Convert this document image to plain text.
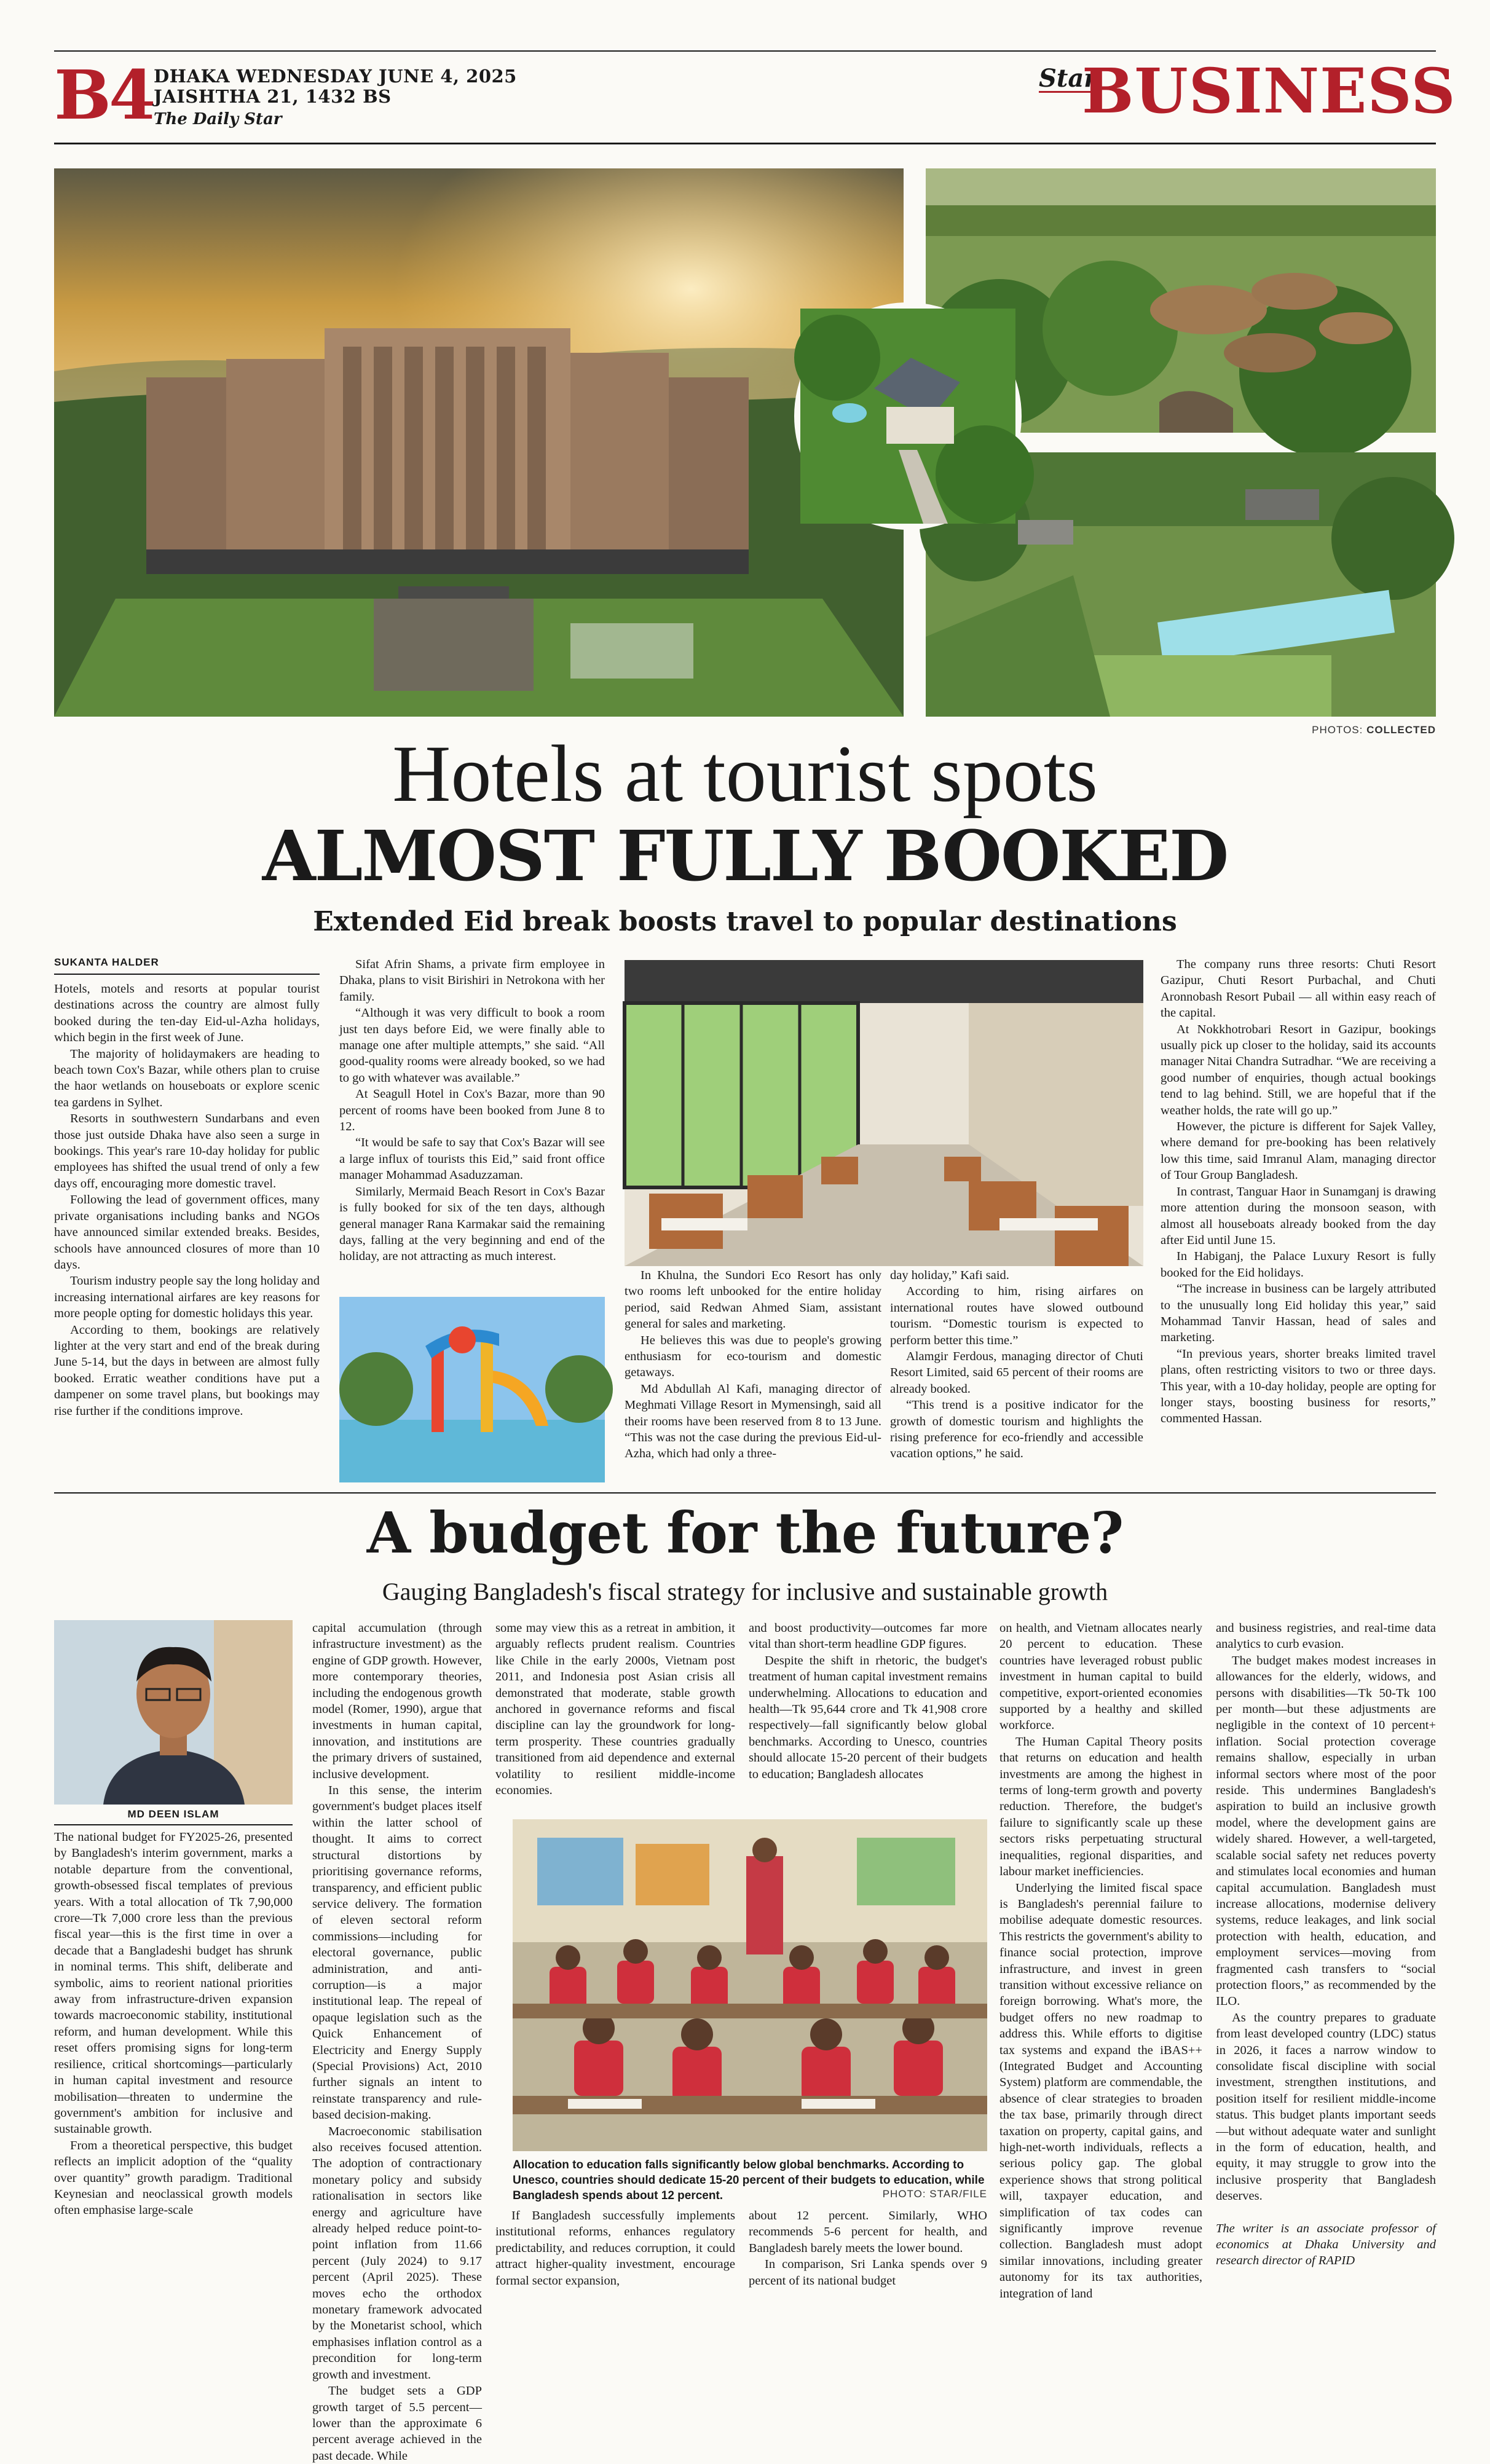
B4 DHAKA WEDNESDAY JUNE 4, 2025
JAISHTHA 21, 1432 BS
The Daily Star
Star
BUSINESS
PHOTOS: COLLECTED
Hotels at tourist spots
ALMOST FULLY BOOKED
Extended Eid break boosts travel to popular destinations
SUKANTA HALDER

Hotels, motels and resorts at popular tourist destinations across the country are almost fully booked during the ten-day Eid-ul-Azha holidays, which begin in the first week of June.

The majority of holidaymakers are heading to beach town Cox's Bazar, while others plan to cruise the haor wetlands on houseboats or explore scenic tea gardens in Sylhet.

Resorts in southwestern Sundarbans and even those just outside Dhaka have also seen a surge in bookings. This year's rare 10-day holiday for public employees has shifted the usual trend of only a few days off, encouraging more domestic travel.

Following the lead of government offices, many private organisations including banks and NGOs have announced similar extended breaks. Besides, schools have announced closures of more than 10 days.

Tourism industry people say the long holiday and increasing international airfares are key reasons for more people opting for domestic holidays this year.

According to them, bookings are relatively lighter at the very start and end of the break during June 5-14, but the days in between are almost fully booked. Erratic weather conditions have put a dampener on some travel plans, but bookings may rise further if the conditions improve.

Sifat Afrin Shams, a private firm employee in Dhaka, plans to visit Birishiri in Netrokona with her family.

“Although it was very difficult to book a room just ten days before Eid, we were finally able to manage one after multiple attempts,” she said. “All good-quality rooms were already booked, so we had to go with whatever was available.”

At Seagull Hotel in Cox's Bazar, more than 90 percent of rooms have been booked from June 8 to 12.

“It would be safe to say that Cox's Bazar will see a large influx of tourists this Eid,” said front office manager Mohammad Asaduzzaman.

Similarly, Mermaid Beach Resort in Cox's Bazar is fully booked for six of the ten days, although general manager Rana Karmakar said the remaining days, falling at the very beginning and end of the holiday, are not attracting as much interest.

In Khulna, the Sundori Eco Resort has only two rooms left unbooked for the entire holiday period, said Redwan Ahmed Siam, assistant general for sales and marketing.

He believes this was due to people's growing enthusiasm for eco-tourism and domestic getaways.

Md Abdullah Al Kafi, managing director of Meghmati Village Resort in Mymensingh, said all their rooms have been reserved from 8 to 13 June. “This was not the case during the previous Eid-ul-Azha, which had only a three-

day holiday,” Kafi said.

According to him, rising airfares on international routes have slowed outbound tourism. “Domestic tourism is expected to perform better this time.”

Alamgir Ferdous, managing director of Chuti Resort Limited, said 65 percent of their rooms are already booked.

“This trend is a positive indicator for the growth of domestic tourism and highlights the rising preference for eco-friendly and accessible vacation options,” he said.

The company runs three resorts: Chuti Resort Gazipur, Chuti Resort Purbachal, and Chuti Aronnobash Resort Pubail — all within easy reach of the capital.

At Nokkhotrobari Resort in Gazipur, bookings usually pick up closer to the holiday, said its accounts manager Nitai Chandra Sutradhar. “We are receiving a good number of enquiries, though actual bookings tend to lag behind. Still, we are hopeful that if the weather holds, the rate will go up.”

However, the picture is different for Sajek Valley, where demand for pre-booking has been relatively low this time, said Imranul Alam, managing director of Tour Group Bangladesh.

In contrast, Tanguar Haor in Sunamganj is drawing more attention during the monsoon season, with almost all houseboats already booked from the day after Eid until June 15.

In Habiganj, the Palace Luxury Resort is fully booked for the Eid holidays.

“The increase in business can be largely attributed to the unusually long Eid holiday this year,” said Mohammad Tanvir Hassan, head of sales and marketing.

“In previous years, shorter breaks limited travel plans, often restricting visitors to two or three days. This year, with a 10-day holiday, people are opting for longer stays, boosting business for resorts,” commented Hassan.

A budget for the future?
Gauging Bangladesh's fiscal strategy for inclusive and sustainable growth
MD DEEN ISLAM

The national budget for FY2025-26, presented by Bangladesh's interim government, marks a notable departure from the conventional, growth-obsessed fiscal templates of previous years. With a total allocation of Tk 7,90,000 crore—Tk 7,000 crore less than the previous fiscal year—this is the first time in over a decade that a Bangladeshi budget has shrunk in nominal terms. This shift, deliberate and symbolic, aims to reorient national priorities away from infrastructure-driven expansion towards macroeconomic stability, institutional reform, and human development. While this reset offers promising signs for long-term resilience, critical shortcomings—particularly in human capital investment and resource mobilisation—threaten to undermine the government's ambition for inclusive and sustainable growth.

From a theoretical perspective, this budget reflects an implicit adoption of the “quality over quantity” growth paradigm. Traditional Keynesian and neoclassical growth models often emphasise large-scale

capital accumulation (through infrastructure investment) as the engine of GDP growth. However, more contemporary theories, including the endogenous growth model (Romer, 1990), argue that investments in human capital, innovation, and institutions are the primary drivers of sustained, inclusive development.

In this sense, the interim government's budget places itself within the latter school of thought. It aims to correct structural distortions by prioritising governance reforms, transparency, and efficient public service delivery. The formation of eleven sectoral reform commissions—including for electoral governance, public administration, and anti-corruption—is a major institutional leap. The repeal of opaque legislation such as the Quick Enhancement of Electricity and Energy Supply (Special Provisions) Act, 2010 further signals an intent to reinstate transparency and rule-based decision-making.

Macroeconomic stabilisation also receives focused attention. The adoption of contractionary monetary policy and subsidy rationalisation in sectors like energy and agriculture have already helped reduce point-to-point inflation from 11.66 percent (July 2024) to 9.17 percent (April 2025). These moves echo the orthodox monetary framework advocated by the Monetarist school, which emphasises inflation control as a precondition for long-term growth and investment.

The budget sets a GDP growth target of 5.5 percent—lower than the approximate 6 percent average achieved in the past decade. While

some may view this as a retreat in ambition, it arguably reflects prudent realism. Countries like Chile in the early 2000s, Vietnam post 2011, and Indonesia post Asian crisis all demonstrated that moderate, stable growth anchored in governance reforms and fiscal discipline can lay the groundwork for long-term prosperity. These countries gradually transitioned from aid dependence and external volatility to resilient middle-income economies.

and boost productivity—outcomes far more vital than short-term headline GDP figures.

Despite the shift in rhetoric, the budget's treatment of human capital investment remains underwhelming. Allocations to education and health—Tk 95,644 crore and Tk 41,908 crore respectively—fall significantly below global benchmarks. According to Unesco, countries should allocate 15-20 percent of their budgets to education; Bangladesh allocates

Allocation to education falls significantly below global benchmarks. According to Unesco, countries should dedicate 15-20 percent of their budgets to education, while Bangladesh spends about 12 percent.	PHOTO: STAR/FILE

If Bangladesh successfully implements institutional reforms, enhances regulatory predictability, and reduces corruption, it could attract higher-quality investment, encourage formal sector expansion,

about 12 percent. Similarly, WHO recommends 5-6 percent for health, and Bangladesh barely meets the lower bound.

In comparison, Sri Lanka spends over 9 percent of its national budget

on health, and Vietnam allocates nearly 20 percent to education. These countries have leveraged robust public investment in human capital to build competitive, export-oriented economies supported by a healthy and skilled workforce.

The Human Capital Theory posits that returns on education and health investments are among the highest in terms of long-term growth and poverty reduction. Therefore, the budget's failure to significantly scale up these sectors risks perpetuating structural inequalities, regional disparities, and labour market inefficiencies.

Underlying the limited fiscal space is Bangladesh's perennial failure to mobilise adequate domestic resources. This restricts the government's ability to finance social protection, improve infrastructure, and invest in green transition without excessive reliance on foreign borrowing. What's more, the budget offers no new roadmap to address this. While efforts to digitise tax systems and expand the iBAS++ (Integrated Budget and Accounting System) platform are commendable, the absence of clear strategies to broaden the tax base, primarily through direct taxation on property, capital gains, and high-net-worth individuals, reflects a serious policy gap. The global experience shows that strong political will, taxpayer education, and simplification of tax codes can significantly improve revenue collection. Bangladesh must adopt similar innovations, including greater autonomy for its tax authorities, integration of land

and business registries, and real-time data analytics to curb evasion.

The budget makes modest increases in allowances for the elderly, widows, and persons with disabilities—Tk 50-Tk 100 per month—but these adjustments are negligible in the context of 10 percent+ inflation. Social protection coverage remains shallow, especially in urban informal sectors where most of the poor reside. This undermines Bangladesh's aspiration to build an inclusive growth model, where the development gains are widely shared. However, a well-targeted, scalable social safety net reduces poverty and stimulates local economies and human capital accumulation. Bangladesh must increase allocations, modernise delivery systems, reduce leakages, and link social protection with health, education, and employment services—moving from fragmented cash transfers to “social protection floors,” as recommended by the ILO.

As the country prepares to graduate from least developed country (LDC) status in 2026, it faces a narrow window to consolidate fiscal discipline with social investment, strengthen institutions, and position itself for resilient middle-income status. This budget plants important seeds—but without adequate water and sunlight in the form of education, health, and equity, it may struggle to grow into the inclusive prosperity that Bangladesh deserves.

The writer is an associate professor of economics at Dhaka University and research director of RAPID
